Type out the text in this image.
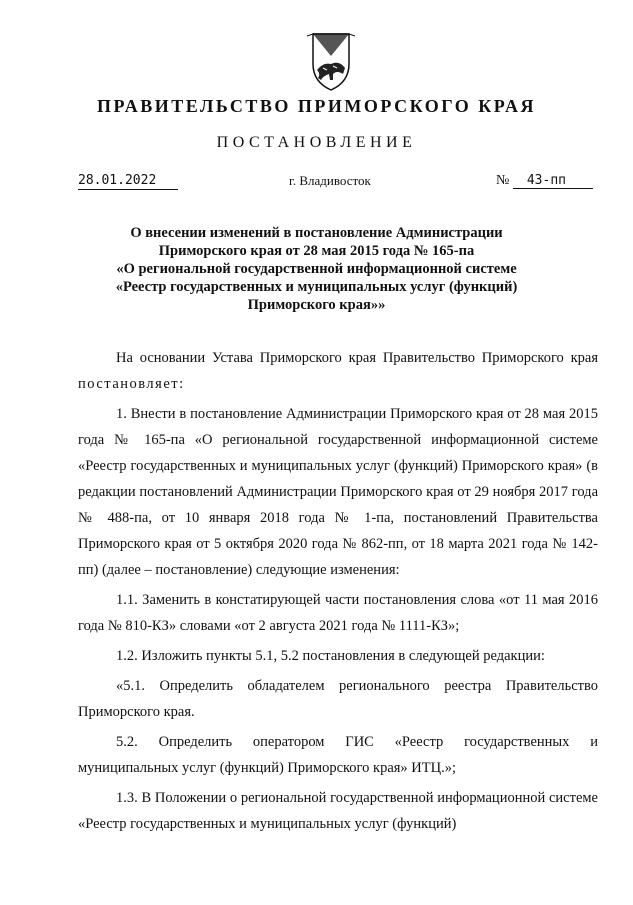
ПРАВИТЕЛЬСТВО ПРИМОРСКОГО КРАЯ
ПОСТАНОВЛЕНИЕ
28.01.2022	г. Владивосток	№ 43-пп
О внесении изменений в постановление Администрации
Приморского края от 28 мая 2015 года № 165-па
«О региональной государственной информационной системе
«Реестр государственных и муниципальных услуг (функций)
Приморского края»»

На основании Устава Приморского края Правительство Приморского края постановляет:

1. Внести в постановление Администрации Приморского края от 28 мая 2015 года № 165-па «О региональной государственной информационной системе «Реестр государственных и муниципальных услуг (функций) Приморского края» (в редакции постановлений Администрации Приморского края от 29 ноября 2017 года № 488-па, от 10 января 2018 года № 1-па, постановлений Правительства Приморского края от 5 октября 2020 года № 862-пп, от 18 марта 2021 года № 142-пп) (далее – постановление) следующие изменения:

1.1. Заменить в констатирующей части постановления слова «от 11 мая 2016 года № 810-КЗ» словами «от 2 августа 2021 года № 1111-КЗ»;

1.2. Изложить пункты 5.1, 5.2 постановления в следующей редакции:

«5.1. Определить обладателем регионального реестра Правительство Приморского края.

5.2. Определить оператором ГИС «Реестр государственных и муниципальных услуг (функций) Приморского края» ИТЦ.»;

1.3. В Положении о региональной государственной информационной системе «Реестр государственных и муниципальных услуг (функций)
